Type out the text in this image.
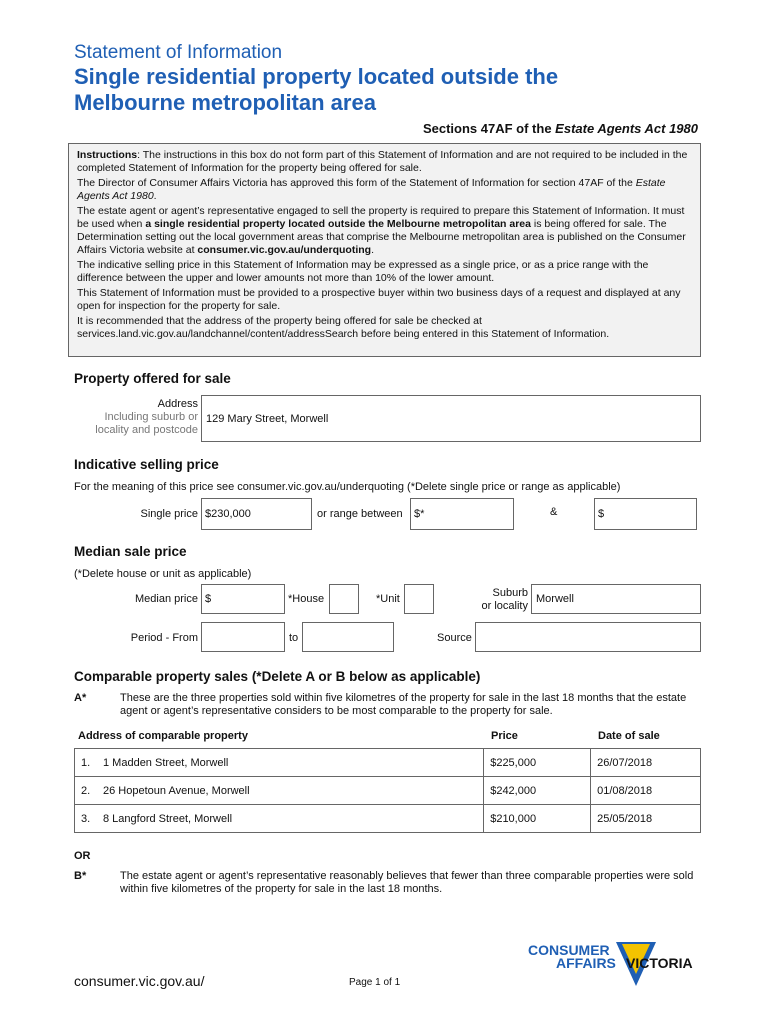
Statement of Information
Single residential property located outside the
Melbourne metropolitan area
Sections 47AF of the Estate Agents Act 1980

Instructions: The instructions in this box do not form part of this Statement of Information and are not required to be included in the completed Statement of Information for the property being offered for sale.

The Director of Consumer Affairs Victoria has approved this form of the Statement of Information for section 47AF of the Estate Agents Act 1980.

The estate agent or agent’s representative engaged to sell the property is required to prepare this Statement of Information. It must be used when a single residential property located outside the Melbourne metropolitan area is being offered for sale. The Determination setting out the local government areas that comprise the Melbourne metropolitan area is published on the Consumer Affairs Victoria website at consumer.vic.gov.au/underquoting.

The indicative selling price in this Statement of Information may be expressed as a single price, or as a price range with the difference between the upper and lower amounts not more than 10% of the lower amount.

This Statement of Information must be provided to a prospective buyer within two business days of a request and displayed at any open for inspection for the property for sale.

It is recommended that the address of the property being offered for sale be checked at services.land.vic.gov.au/landchannel/content/addressSearch before being entered in this Statement of Information.

Property offered for sale
Address
Including suburb or
locality and postcode
129 Mary Street, Morwell
Indicative selling price
For the meaning of this price see consumer.vic.gov.au/underquoting (*Delete single price or range as applicable)
Single price $230,000	or range between	$*	&	$
Median sale price
(*Delete house or unit as applicable)
Median price $	*House	*Unit	Suburb
or locality
Morwell
Period - From	to	Source
Comparable property sales (*Delete A or B below as applicable)
A*	These are the three properties sold within five kilometres of the property for sale in the last 18 months that the estate agent or agent’s representative considers to be most comparable to the property for sale.
Address of comparable property	Price	Date of sale
1. 1 Madden Street, Morwell	$225,000	26/07/2018
2. 26 Hopetoun Avenue, Morwell	$242,000	01/08/2018
3. 8 Langford Street, Morwell	$210,000	25/05/2018
OR
B*	The estate agent or agent’s representative reasonably believes that fewer than three comparable properties were sold within five kilometres of the property for sale in the last 18 months.
consumer.vic.gov.au/	Page 1 of 1
CONSUMER
AFFAIRS VICTORIA
